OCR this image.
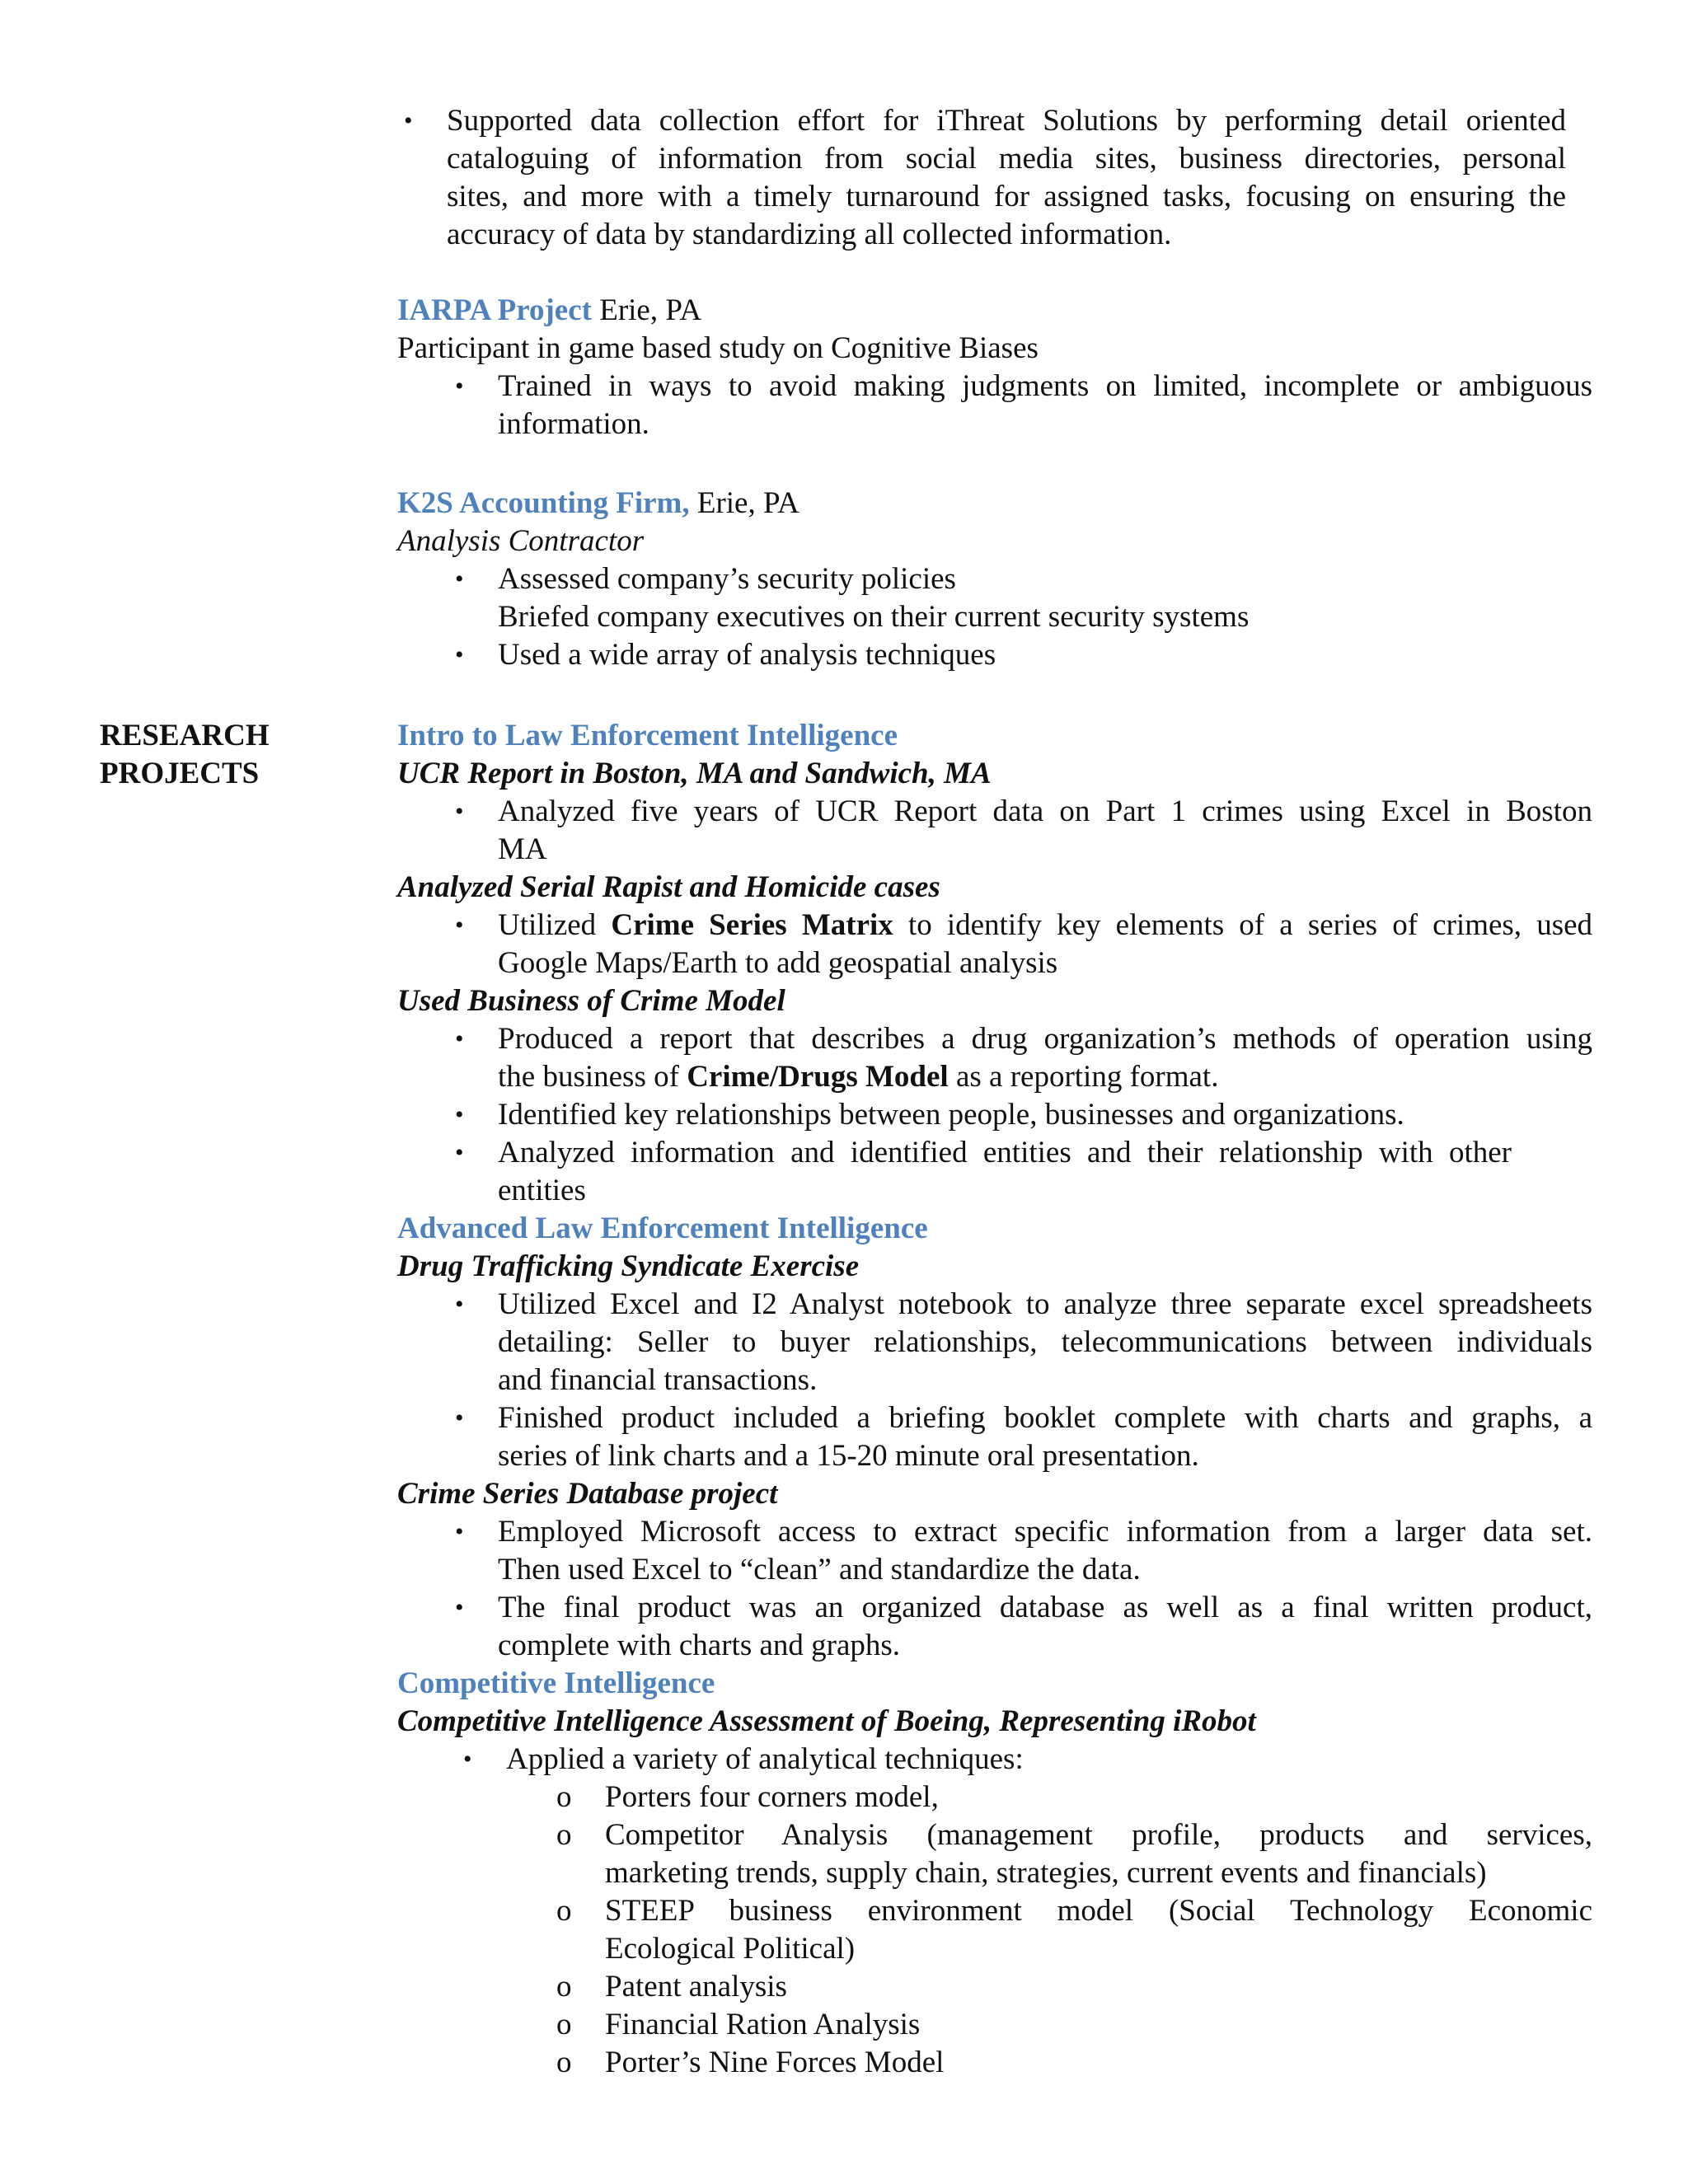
• Supported data collection effort for iThreat Solutions by performing detail oriented
cataloguing of information from social media sites, business directories, personal
sites, and more with a timely turnaround for assigned tasks, focusing on ensuring the
accuracy of data by standardizing all collected information.
IARPA Project Erie, PA
Participant in game based study on Cognitive Biases
• Trained in ways to avoid making judgments on limited, incomplete or ambiguous
information.
K2S Accounting Firm, Erie, PA
Analysis Contractor
• Assessed company’s security policies
Briefed company executives on their current security systems
• Used a wide array of analysis techniques
RESEARCH
PROJECTS
Intro to Law Enforcement Intelligence
UCR Report in Boston, MA and Sandwich, MA
• Analyzed five years of UCR Report data on Part 1 crimes using Excel in Boston
MA
Analyzed Serial Rapist and Homicide cases
• Utilized Crime Series Matrix to identify key elements of a series of crimes, used
Google Maps/Earth to add geospatial analysis
Used Business of Crime Model
• Produced a report that describes a drug organization’s methods of operation using
the business of Crime/Drugs Model as a reporting format.
• Identified key relationships between people, businesses and organizations.
• Analyzed information and identified entities and their relationship with other
entities
Advanced Law Enforcement Intelligence
Drug Trafficking Syndicate Exercise
• Utilized Excel and I2 Analyst notebook to analyze three separate excel spreadsheets
detailing: Seller to buyer relationships, telecommunications between individuals
and financial transactions.
• Finished product included a briefing booklet complete with charts and graphs, a
series of link charts and a 15-20 minute oral presentation.
Crime Series Database project
• Employed Microsoft access to extract specific information from a larger data set.
Then used Excel to “clean” and standardize the data.
• The final product was an organized database as well as a final written product,
complete with charts and graphs.
Competitive Intelligence
Competitive Intelligence Assessment of Boeing, Representing iRobot
• Applied a variety of analytical techniques:
o Porters four corners model,
o Competitor Analysis (management profile, products and services,
marketing trends, supply chain, strategies, current events and financials)
o STEEP business environment model (Social Technology Economic
Ecological Political)
o Patent analysis
o Financial Ration Analysis
o Porter’s Nine Forces Model
